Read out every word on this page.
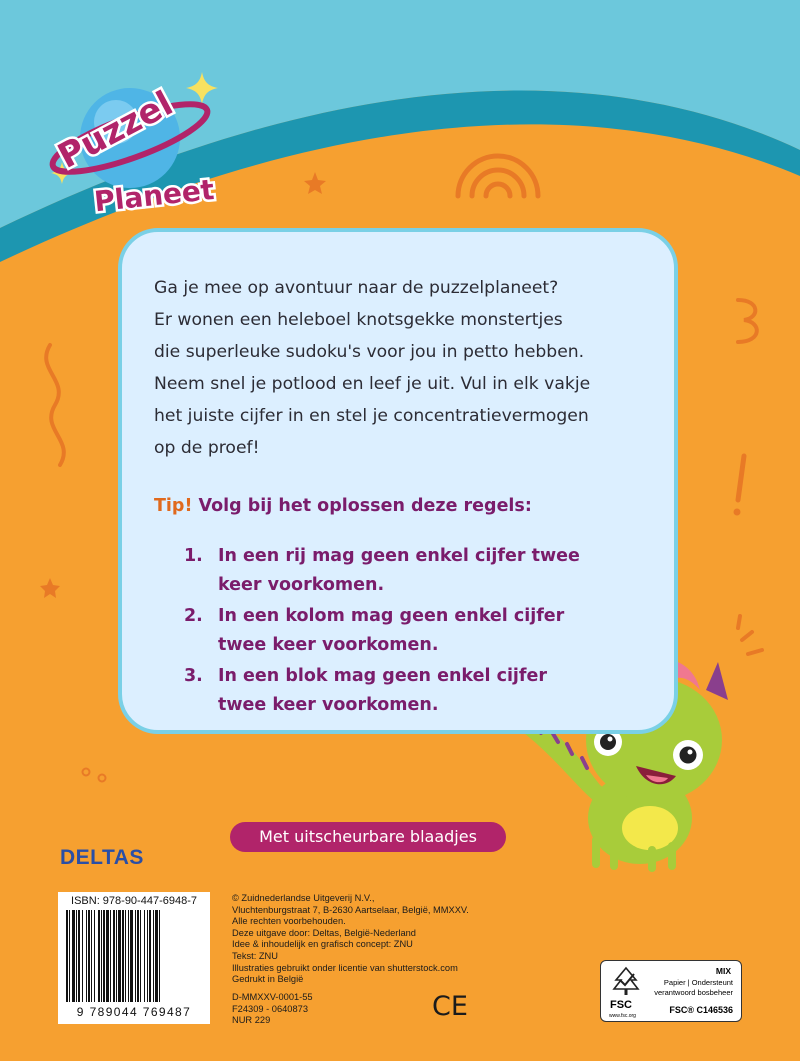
Puzzel
Planeet

Ga je mee op avontuur naar de puzzelplaneet?
Er wonen een heleboel knotsgekke monstertjes
die superleuke sudoku's voor jou in petto hebben.
Neem snel je potlood en leef je uit. Vul in elk vakje
het juiste cijfer in en stel je concentratievermogen
op de proef!

Tip! Volg bij het oplossen deze regels:
1. In een rij mag geen enkel cijfer twee keer voorkomen.
2. In een kolom mag geen enkel cijfer twee keer voorkomen.
3. In een blok mag geen enkel cijfer twee keer voorkomen.
Met uitscheurbare blaadjes
DELTAS
ISBN: 978-90-447-6948-7
9 789044 769487
© Zuidnederlandse Uitgeverij N.V.,
Vluchtenburgstraat 7, B-2630 Aartselaar, België, MMXXV.
Alle rechten voorbehouden.
Deze uitgave door: Deltas, België-Nederland
Idee & inhoudelijk en grafisch concept: ZNU
Tekst: ZNU
Illustraties gebruikt onder licentie van shutterstock.com
Gedrukt in België
D-MMXXV-0001-55
F24309 - 0640873
NUR 229	CE	FSC
www.fsc.org
MIX
Papier | Ondersteunt verantwoord bosbeheer
FSC® C146536
